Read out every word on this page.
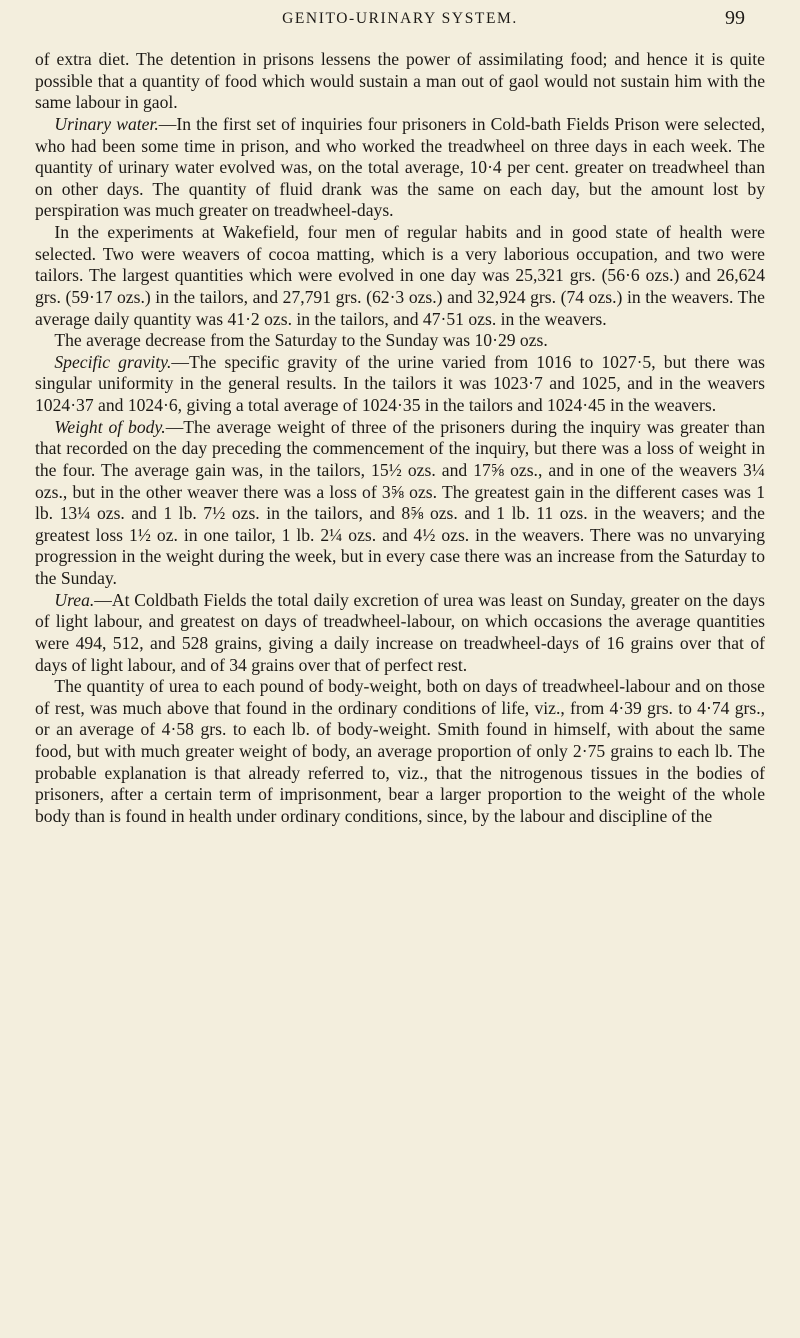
GENITO-URINARY SYSTEM.	99

of extra diet. The detention in prisons lessens the power of assimilating food; and hence it is quite possible that a quantity of food which would sustain a man out of gaol would not sustain him with the same labour in gaol.

Urinary water.—In the first set of inquiries four prisoners in Cold-bath Fields Prison were selected, who had been some time in prison, and who worked the treadwheel on three days in each week. The quantity of urinary water evolved was, on the total average, 10·4 per cent. greater on treadwheel than on other days. The quantity of fluid drank was the same on each day, but the amount lost by perspiration was much greater on treadwheel-days.

In the experiments at Wakefield, four men of regular habits and in good state of health were selected. Two were weavers of cocoa matting, which is a very laborious occupation, and two were tailors. The largest quantities which were evolved in one day was 25,321 grs. (56·6 ozs.) and 26,624 grs. (59·17 ozs.) in the tailors, and 27,791 grs. (62·3 ozs.) and 32,924 grs. (74 ozs.) in the weavers. The average daily quantity was 41·2 ozs. in the tailors, and 47·51 ozs. in the weavers.

The average decrease from the Saturday to the Sunday was 10·29 ozs.

Specific gravity.—The specific gravity of the urine varied from 1016 to 1027·5, but there was singular uniformity in the general results. In the tailors it was 1023·7 and 1025, and in the weavers 1024·37 and 1024·6, giving a total average of 1024·35 in the tailors and 1024·45 in the weavers.

Weight of body.—The average weight of three of the prisoners during the inquiry was greater than that recorded on the day preceding the commencement of the inquiry, but there was a loss of weight in the four. The average gain was, in the tailors, 15½ ozs. and 17⅝ ozs., and in one of the weavers 3¼ ozs., but in the other weaver there was a loss of 3⅝ ozs. The greatest gain in the different cases was 1 lb. 13¼ ozs. and 1 lb. 7½ ozs. in the tailors, and 8⅝ ozs. and 1 lb. 11 ozs. in the weavers; and the greatest loss 1½ oz. in one tailor, 1 lb. 2¼ ozs. and 4½ ozs. in the weavers. There was no unvarying progression in the weight during the week, but in every case there was an increase from the Saturday to the Sunday.

Urea.—At Coldbath Fields the total daily excretion of urea was least on Sunday, greater on the days of light labour, and greatest on days of treadwheel-labour, on which occasions the average quantities were 494, 512, and 528 grains, giving a daily increase on treadwheel-days of 16 grains over that of days of light labour, and of 34 grains over that of perfect rest.

The quantity of urea to each pound of body-weight, both on days of treadwheel-labour and on those of rest, was much above that found in the ordinary conditions of life, viz., from 4·39 grs. to 4·74 grs., or an average of 4·58 grs. to each lb. of body-weight. Smith found in himself, with about the same food, but with much greater weight of body, an average proportion of only 2·75 grains to each lb. The probable explanation is that already referred to, viz., that the nitrogenous tissues in the bodies of prisoners, after a certain term of imprisonment, bear a larger proportion to the weight of the whole body than is found in health under ordinary conditions, since, by the labour and discipline of the
